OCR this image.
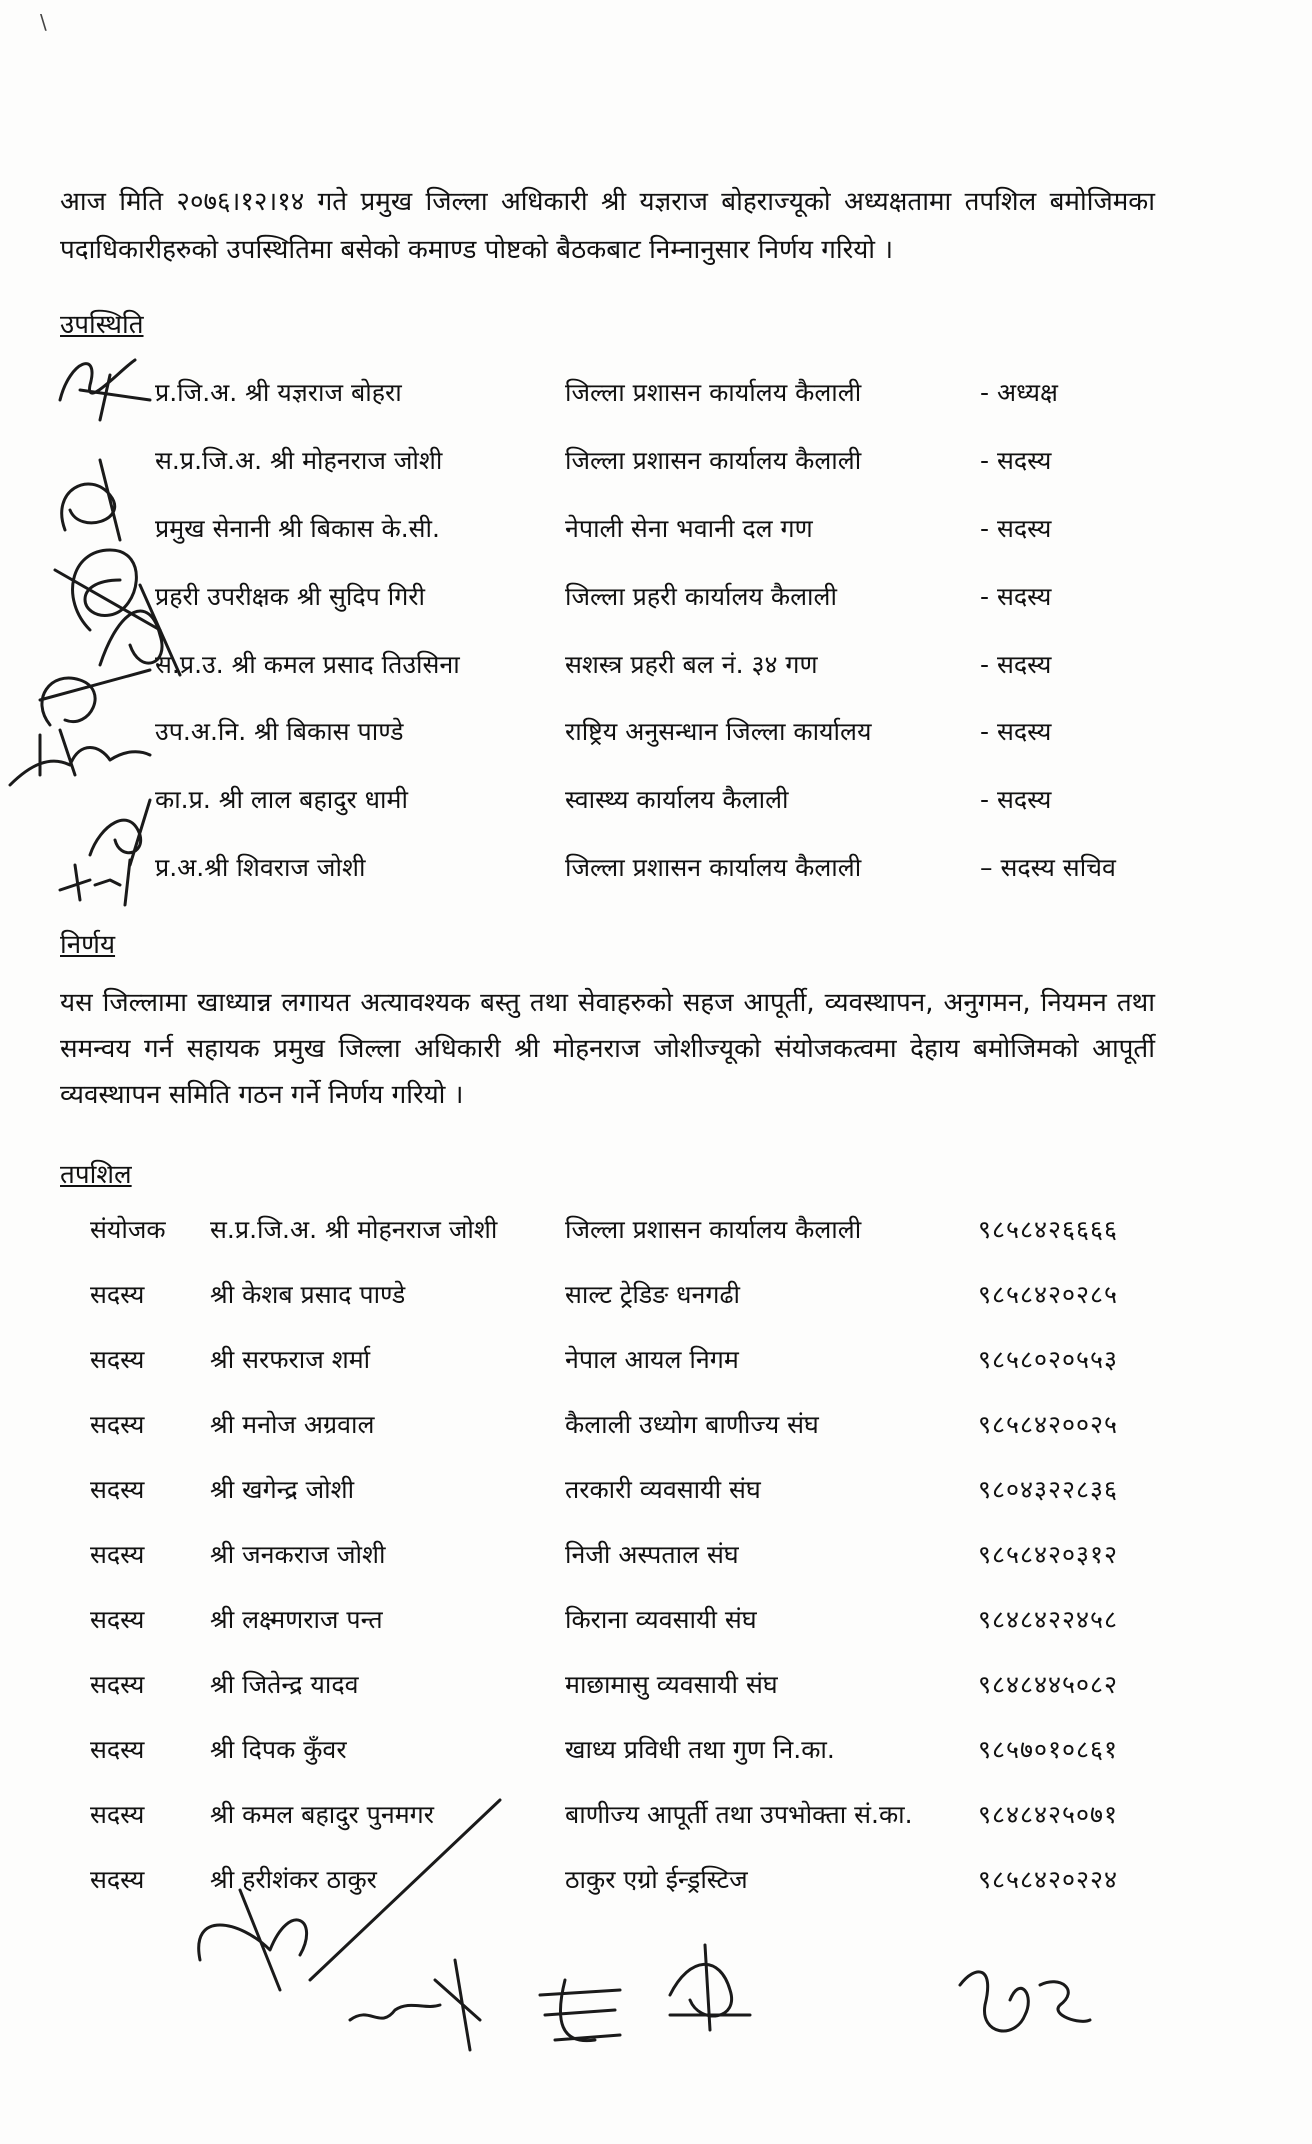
\
आज मिति २०७६।१२।१४ गते प्रमुख जिल्ला अधिकारी श्री यज्ञराज बोहराज्यूको अध्यक्षतामा तपशिल बमोजिमका पदाधिकारीहरुको उपस्थितिमा बसेको कमाण्ड पोष्टको बैठकबाट निम्नानुसार निर्णय गरियो ।
उपस्थिति
प्र.जि.अ. श्री यज्ञराज बोहरा	जिल्ला प्रशासन कार्यालय कैलाली	- अध्यक्ष
स.प्र.जि.अ. श्री मोहनराज जोशी	जिल्ला प्रशासन कार्यालय कैलाली	- सदस्य
प्रमुख सेनानी श्री बिकास के.सी.	नेपाली सेना भवानी दल गण	- सदस्य
प्रहरी उपरीक्षक श्री सुदिप गिरी	जिल्ला प्रहरी कार्यालय कैलाली	- सदस्य
स.प्र.उ. श्री कमल प्रसाद तिउसिना	सशस्त्र प्रहरी बल नं. ३४ गण	- सदस्य
उप.अ.नि. श्री बिकास पाण्डे	राष्ट्रिय अनुसन्धान जिल्ला कार्यालय	- सदस्य
का.प्र. श्री लाल बहादुर धामी	स्वास्थ्य कार्यालय कैलाली	- सदस्य
प्र.अ.श्री शिवराज जोशी	जिल्ला प्रशासन कार्यालय कैलाली	– सदस्य सचिव
निर्णय
यस जिल्लामा खाध्यान्न लगायत अत्यावश्यक बस्तु तथा सेवाहरुको सहज आपूर्ती, व्यवस्थापन, अनुगमन, नियमन तथा समन्वय गर्न सहायक प्रमुख जिल्ला अधिकारी श्री मोहनराज जोशीज्यूको संयोजकत्वमा देहाय बमोजिमको आपूर्ती व्यवस्थापन समिति गठन गर्ने निर्णय गरियो ।
तपशिल
संयोजक स.प्र.जि.अ. श्री मोहनराज जोशी	जिल्ला प्रशासन कार्यालय कैलाली	९८५८४२६६६६
सदस्य	श्री केशब प्रसाद पाण्डे	साल्ट ट्रेडिङ धनगढी	९८५८४२०२८५
सदस्य	श्री सरफराज शर्मा	नेपाल आयल निगम	९८५८०२०५५३
सदस्य	श्री मनोज अग्रवाल	कैलाली उध्योग बाणीज्य संघ	९८५८४२००२५
सदस्य	श्री खगेन्द्र जोशी	तरकारी व्यवसायी संघ	९८०४३२२८३६
सदस्य	श्री जनकराज जोशी	निजी अस्पताल संघ	९८५८४२०३१२
सदस्य	श्री लक्ष्मणराज पन्त	किराना व्यवसायी संघ	९८४८४२२४५८
सदस्य	श्री जितेन्द्र यादव	माछामासु व्यवसायी संघ	९८४८४४५०८२
सदस्य	श्री दिपक कुँवर	खाध्य प्रविधी तथा गुण नि.का.	९८५७०१०८६१
सदस्य	श्री कमल बहादुर पुनमगर	बाणीज्य आपूर्ती तथा उपभोक्ता सं.का.	९८४८४२५०७१
सदस्य	श्री हरीशंकर ठाकुर	ठाकुर एग्रो ईन्ड्रस्टिज	९८५८४२०२२४
